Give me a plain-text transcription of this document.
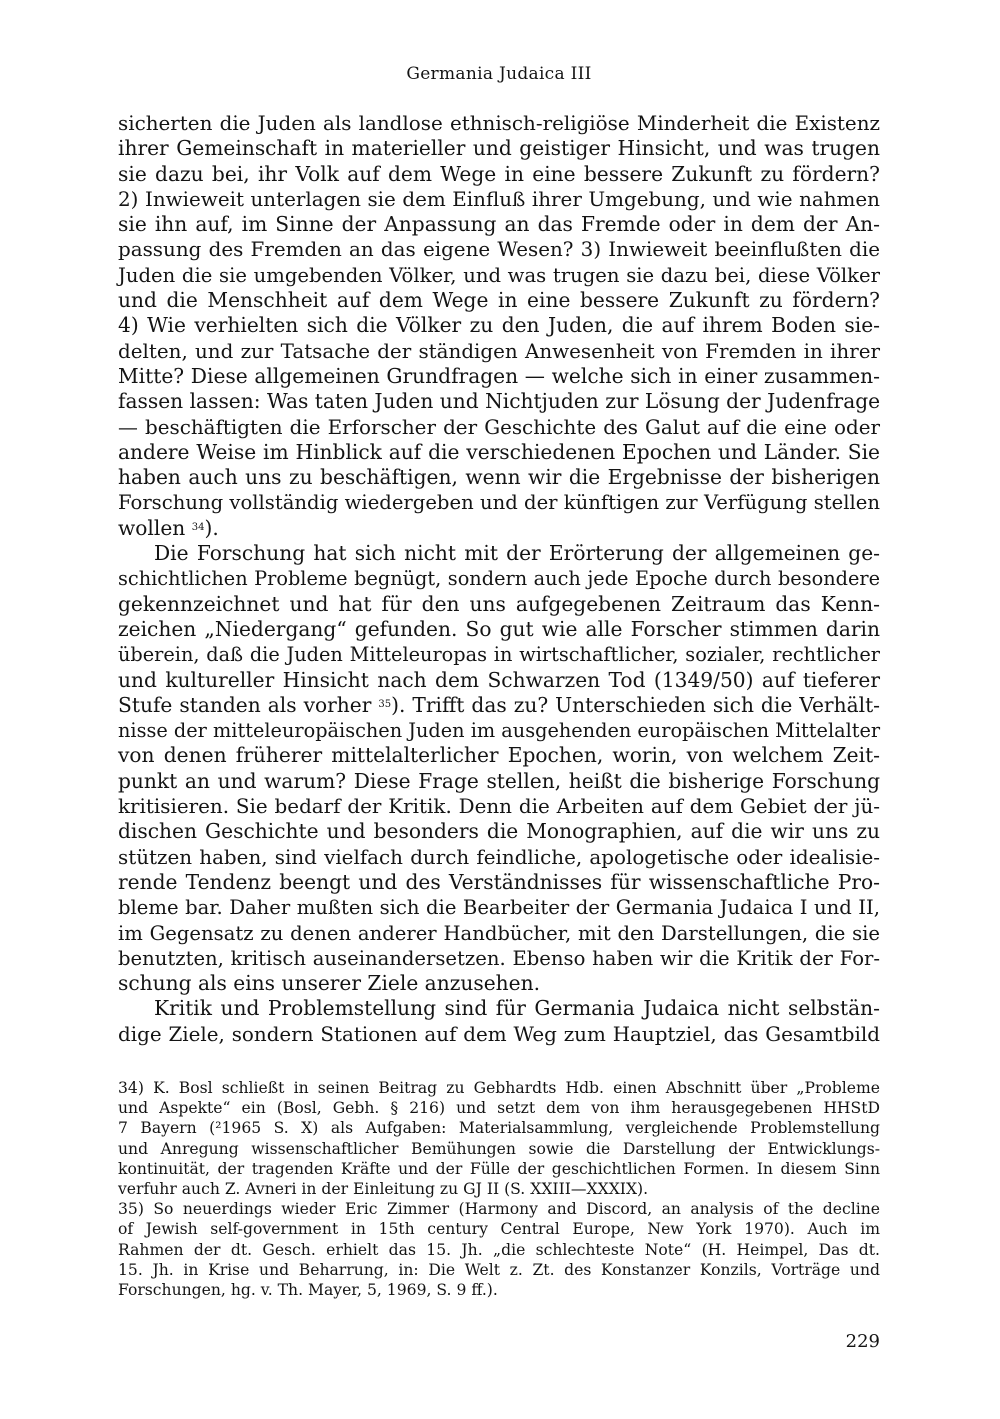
Germania Judaica III
sicherten die Juden als landlose ethnisch-religiöse Minderheit die Existenz
ihrer Gemeinschaft in materieller und geistiger Hinsicht, und was trugen
sie dazu bei, ihr Volk auf dem Wege in eine bessere Zukunft zu fördern?
2) Inwieweit unterlagen sie dem Einfluß ihrer Umgebung, und wie nahmen
sie ihn auf, im Sinne der Anpassung an das Fremde oder in dem der An-
passung des Fremden an das eigene Wesen? 3) Inwieweit beeinflußten die
Juden die sie umgebenden Völker, und was trugen sie dazu bei, diese Völker
und die Menschheit auf dem Wege in eine bessere Zukunft zu fördern?
4) Wie verhielten sich die Völker zu den Juden, die auf ihrem Boden sie-
delten, und zur Tatsache der ständigen Anwesenheit von Fremden in ihrer
Mitte? Diese allgemeinen Grundfragen — welche sich in einer zusammen-
fassen lassen: Was taten Juden und Nichtjuden zur Lösung der Judenfrage
— beschäftigten die Erforscher der Geschichte des Galut auf die eine oder
andere Weise im Hinblick auf die verschiedenen Epochen und Länder. Sie
haben auch uns zu beschäftigen, wenn wir die Ergebnisse der bisherigen
Forschung vollständig wiedergeben und der künftigen zur Verfügung stellen
wollen $^{34}$).
Die Forschung hat sich nicht mit der Erörterung der allgemeinen ge-
schichtlichen Probleme begnügt, sondern auch jede Epoche durch besondere
gekennzeichnet und hat für den uns aufgegebenen Zeitraum das Kenn-
zeichen „Niedergang“ gefunden. So gut wie alle Forscher stimmen darin
überein, daß die Juden Mitteleuropas in wirtschaftlicher, sozialer, rechtlicher
und kultureller Hinsicht nach dem Schwarzen Tod (1349/50) auf tieferer
Stufe standen als vorher $^{35}$). Trifft das zu? Unterschieden sich die Verhält-
nisse der mitteleuropäischen Juden im ausgehenden europäischen Mittelalter
von denen früherer mittelalterlicher Epochen, worin, von welchem Zeit-
punkt an und warum? Diese Frage stellen, heißt die bisherige Forschung
kritisieren. Sie bedarf der Kritik. Denn die Arbeiten auf dem Gebiet der jü-
dischen Geschichte und besonders die Monographien, auf die wir uns zu
stützen haben, sind vielfach durch feindliche, apologetische oder idealisie-
rende Tendenz beengt und des Verständnisses für wissenschaftliche Pro-
bleme bar. Daher mußten sich die Bearbeiter der Germania Judaica I und II,
im Gegensatz zu denen anderer Handbücher, mit den Darstellungen, die sie
benutzten, kritisch auseinandersetzen. Ebenso haben wir die Kritik der For-
schung als eins unserer Ziele anzusehen.
Kritik und Problemstellung sind für Germania Judaica nicht selbstän-
dige Ziele, sondern Stationen auf dem Weg zum Hauptziel, das Gesamtbild
34) K. Bosl schließt in seinen Beitrag zu Gebhardts Hdb. einen Abschnitt über „Probleme
und Aspekte“ ein (Bosl, Gebh. § 216) und setzt dem von ihm herausgegebenen HHStD
7 Bayern (²1965 S. X) als Aufgaben: Materialsammlung, vergleichende Problemstellung
und Anregung wissenschaftlicher Bemühungen sowie die Darstellung der Entwicklungs-
kontinuität, der tragenden Kräfte und der Fülle der geschichtlichen Formen. In diesem Sinn
verfuhr auch Z. Avneri in der Einleitung zu GJ II (S. XXIII—XXXIX).
35) So neuerdings wieder Eric Zimmer (Harmony and Discord, an analysis of the decline
of Jewish self-government in 15th century Central Europe, New York 1970). Auch im
Rahmen der dt. Gesch. erhielt das 15. Jh. „die schlechteste Note“ (H. Heimpel, Das dt.
15. Jh. in Krise und Beharrung, in: Die Welt z. Zt. des Konstanzer Konzils, Vorträge und
Forschungen, hg. v. Th. Mayer, 5, 1969, S. 9 ff.).
229
